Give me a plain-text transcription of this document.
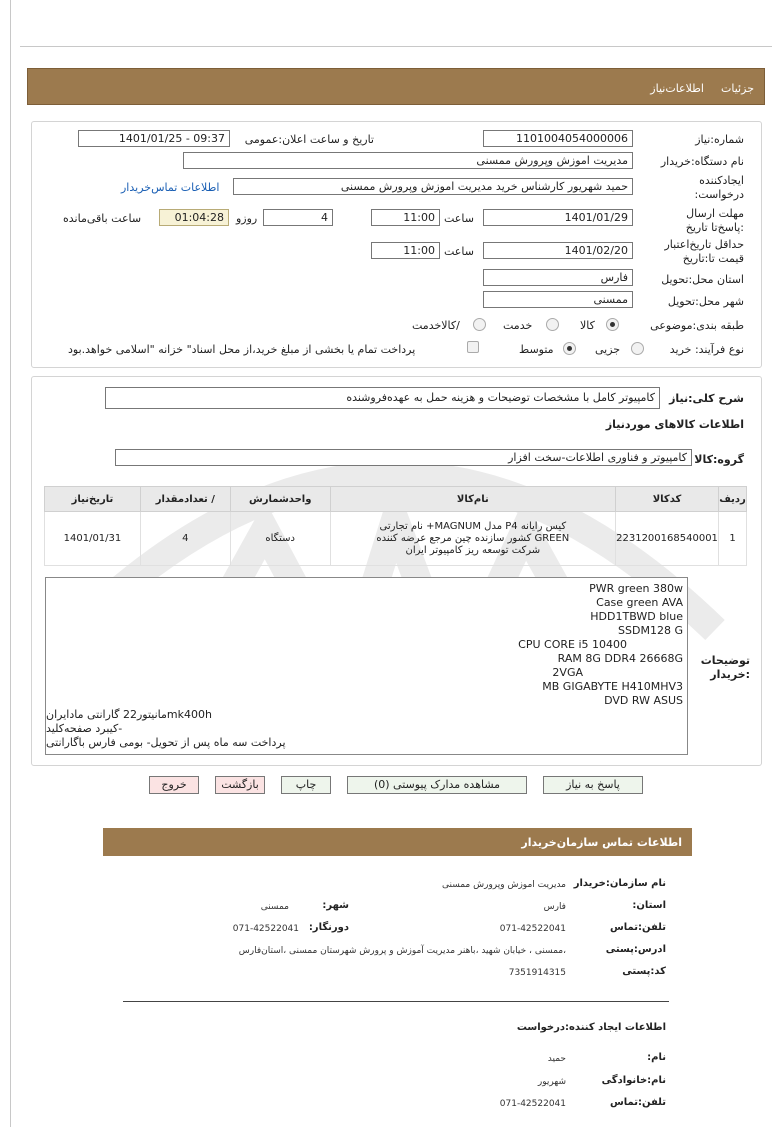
جزئیات
اطلاعات‌نیاز
شماره:نیاز
1101004054000006
تاریخ و ساعت اعلان:عمومی
1401/01/25 - 09:37
نام دستگاه:خریدار
مدیریت اموزش وپرورش ممسنی
ایجادکننده درخواست:
حمید شهریور کارشناس خرید مدیریت اموزش وپرورش ممسنی
اطلاعات تماس‌خریدار
مهلت ارسال :پاسخ‌تا تاریخ
1401/01/29
ساعت
11:00
4
روزو
01:04:28
ساعت باقی‌مانده
حداقل تاریخ‌اعتبار قیمت تا:تاریخ
1401/02/20
ساعت
11:00
استان محل:تحویل
فارس
شهر محل:تحویل
ممسنی
طبقه بندی:موضوعی
کالا
خدمت
/کالاخدمت
نوع فرآیند: خرید
جزیی
متوسط
پرداخت تمام یا بخشی از مبلغ خرید،از محل اسناد" خزانه "اسلامی خواهد.بود
شرح کلی:نیاز
کامپیوتر کامل با مشخصات توضیحات و هزینه حمل به عهده‌فروشنده
اطلاعات کالاهای موردنیاز
گروه:کالا
کامپیوتر و فناوری اطلاعات-سخت افزار
ردیف	کدکالا	نام‌کالا	واحدشمارش	/ تعدادمقدار	تاریخ‌نیاز
1	2231200168540001	کیس رایانه P4 مدل MAGNUM+ نام تجارتی GREEN کشور سازنده چین مرجع عرضه کننده شرکت توسعه ریز کامپیوتر ایران	دستگاه	4	1401/01/31
توضیحات :خریدار
PWR green 380w
Case green AVA
HDD1TBWD blue
SSDM128 G
CPU CORE i5 10400
RAM 8G DDR4 26668G
2VGA
MB GIGABYTE H410MHV3
DVD RW ASUS
mk400hمانیتور22 گارانتی مادایران
-کیبرد صفحه‌کلید
پرداخت سه ماه پس از تحویل- بومی فارس باگارانتی
پاسخ به نیاز
مشاهده مدارک پیوستی (0)
چاپ
بازگشت
خروج
اطلاعات تماس سازمان‌خریدار
نام سازمان:خریدار
مدیریت اموزش وپرورش ممسنی
استان:
فارس
شهر:
ممسنی
تلفن:تماس
071-42522041
دورنگار:
071-42522041
ادرس:پستی
،ممسنی ، خیابان شهید ،باهنر مدیریت آموزش و پرورش شهرستان ممسنی ،استان‌فارس
کد:پستی
7351914315
اطلاعات ایجاد کننده:درخواست
نام:
حمید
نام:خانوادگی
شهریور
تلفن:تماس
071-42522041
